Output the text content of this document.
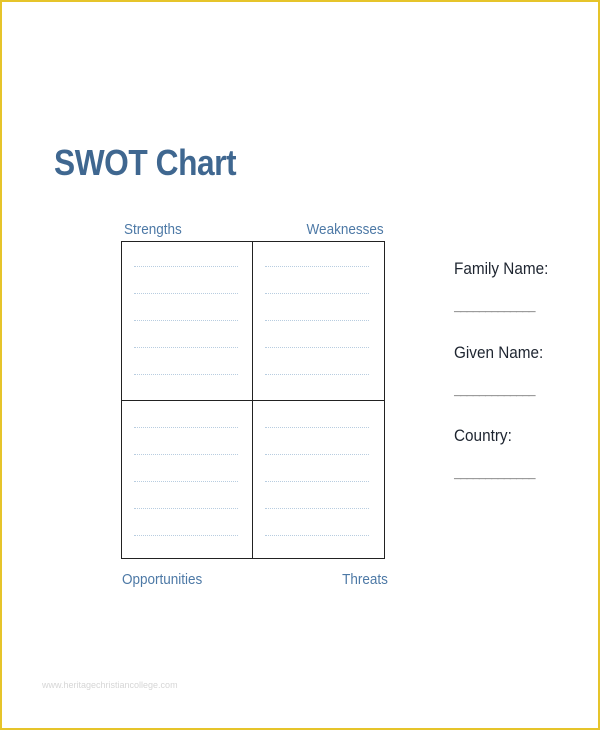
SWOT Chart
Strengths	Weaknesses
Opportunities	Threats
Family Name:
_____________
Given Name:
_____________
Country:
_____________
www.heritagechristiancollege.com
